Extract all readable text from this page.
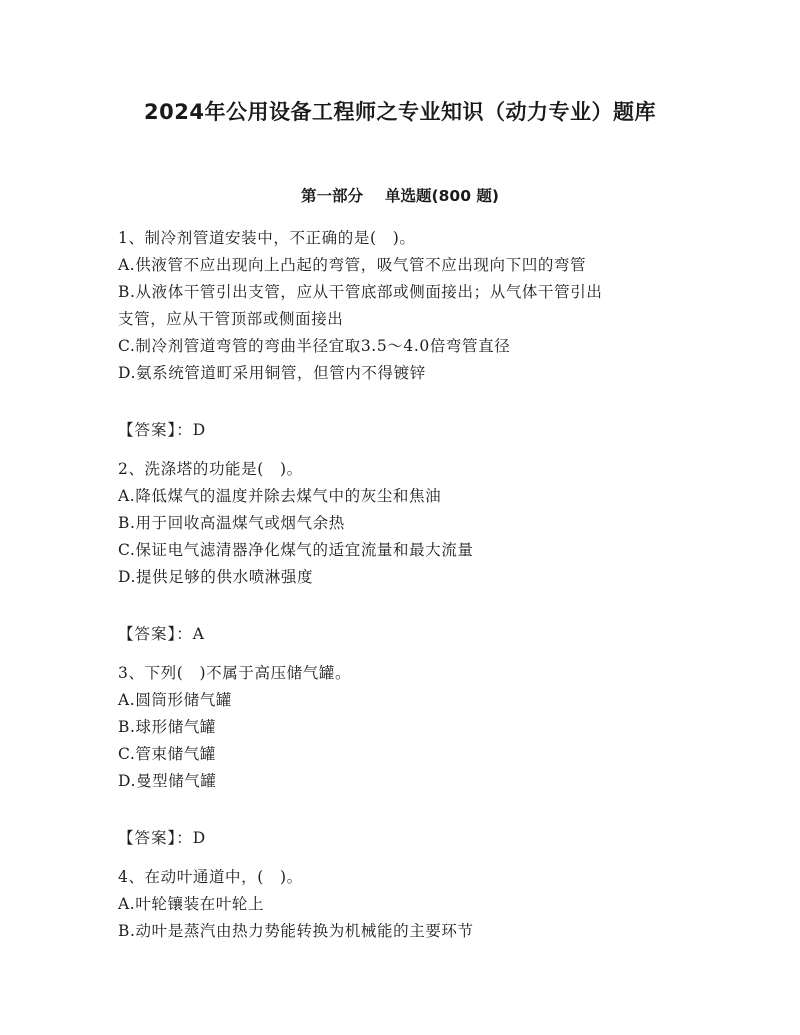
2024年公用设备工程师之专业知识（动力专业）题库
第一部分 单选题(800 题)
1、制冷剂管道安装中，不正确的是(　)。
A.供液管不应出现向上凸起的弯管，吸气管不应出现向下凹的弯管
B.从液体干管引出支管，应从干管底部或侧面接出；从气体干管引出
支管，应从干管顶部或侧面接出
C.制冷剂管道弯管的弯曲半径宜取3.5～4.0倍弯管直径
D.氨系统管道町采用铜管，但管内不得镀锌
【答案】：D
2、洗涤塔的功能是(　)。
A.降低煤气的温度并除去煤气中的灰尘和焦油
B.用于回收高温煤气或烟气余热
C.保证电气滤清器净化煤气的适宜流量和最大流量
D.提供足够的供水喷淋强度
【答案】：A
3、下列(　)不属于高压储气罐。
A.圆筒形储气罐
B.球形储气罐
C.管束储气罐
D.曼型储气罐
【答案】：D
4、在动叶通道中，(　)。
A.叶轮镶装在叶轮上
B.动叶是蒸汽由热力势能转换为机械能的主要环节
